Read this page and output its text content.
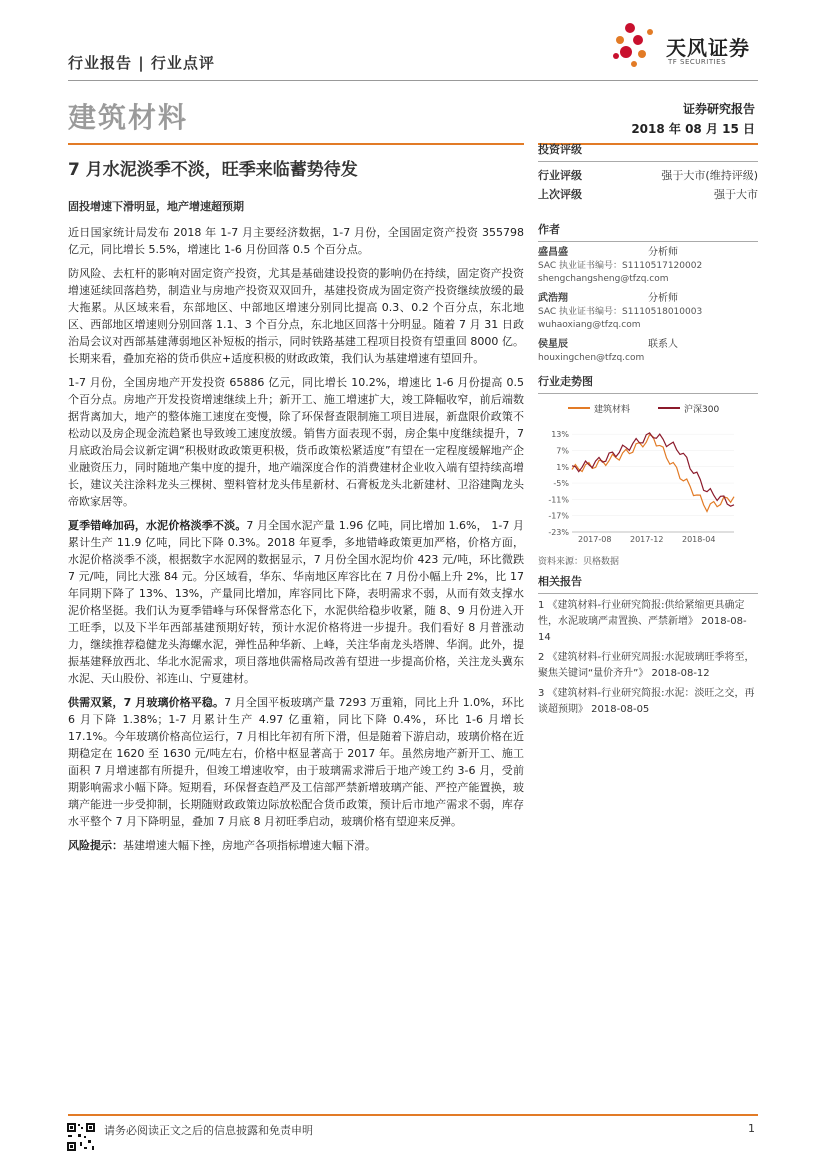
行业报告 | 行业点评
天风证券
TF SECURITIES
建筑材料	证券研究报告
2018 年 08 月 15 日
7 月水泥淡季不淡，旺季来临蓄势待发
固投增速下滑明显，地产增速超预期

近日国家统计局发布 2018 年 1-7 月主要经济数据，1-7 月份，全国固定资产投资 355798 亿元，同比增长 5.5%，增速比 1-6 月份回落 0.5 个百分点。

防风险、去杠杆的影响对固定资产投资，尤其是基础建设投资的影响仍在持续，固定资产投资增速延续回落趋势，制造业与房地产投资双双回升，基建投资成为固定资产投资继续放缓的最大拖累。从区域来看，东部地区、中部地区增速分别同比提高 0.3、0.2 个百分点，东北地区、西部地区增速则分别回落 1.1、3 个百分点，东北地区回落十分明显。随着 7 月 31 日政治局会议对西部基建薄弱地区补短板的指示，同时铁路基建工程项目投资有望重回 8000 亿。长期来看，叠加充裕的货币供应+适度积极的财政政策，我们认为基建增速有望回升。

1-7 月份，全国房地产开发投资 65886 亿元，同比增长 10.2%，增速比 1-6 月份提高 0.5 个百分点。房地产开发投资增速继续上升；新开工、施工增速扩大，竣工降幅收窄，前后端数据背离加大，地产的整体施工速度在变慢，除了环保督查限制施工项目进展，新盘限价政策不松动以及房企现金流趋紧也导致竣工速度放缓。销售方面表现不弱，房企集中度继续提升，7 月底政治局会议新定调“积极财政政策更积极，货币政策松紧适度”有望在一定程度缓解地产企业融资压力，同时随地产集中度的提升，地产端深度合作的消费建材企业收入端有望持续高增长，建议关注涂料龙头三棵树、塑料管材龙头伟星新材、石膏板龙头北新建材、卫浴建陶龙头帝欧家居等。

夏季错峰加码，水泥价格淡季不淡。7 月全国水泥产量 1.96 亿吨，同比增加 1.6%， 1-7 月累计生产 11.9 亿吨，同比下降 0.3%。2018 年夏季，多地错峰政策更加严格，价格方面，水泥价格淡季不淡，根据数字水泥网的数据显示，7 月份全国水泥均价 423 元/吨，环比微跌 7 元/吨，同比大涨 84 元。分区域看，华东、华南地区库容比在 7 月份小幅上升 2%，比 17 年同期下降了 13%、13%，产量同比增加，库容同比下降，表明需求不弱，从而有效支撑水泥价格坚挺。我们认为夏季错峰与环保督常态化下，水泥供给稳步收紧，随 8、9 月份进入开工旺季，以及下半年西部基建预期好转，预计水泥价格将进一步提升。我们看好 8 月普涨动力，继续推荐稳健龙头海螺水泥，弹性品种华新、上峰，关注华南龙头塔牌、华润。此外，提振基建释放西北、华北水泥需求，项目落地供需格局改善有望进一步提高价格，关注龙头冀东水泥、天山股份、祁连山、宁夏建材。

供需双紧，7 月玻璃价格平稳。7 月全国平板玻璃产量 7293 万重箱，同比上升 1.0%，环比 6 月下降 1.38%；1-7 月累计生产 4.97 亿重箱，同比下降 0.4%，环比 1-6 月增长 17.1%。今年玻璃价格高位运行，7 月相比年初有所下滑，但是随着下游启动，玻璃价格在近期稳定在 1620 至 1630 元/吨左右，价格中枢显著高于 2017 年。虽然房地产新开工、施工面积 7 月增速都有所提升，但竣工增速收窄，由于玻璃需求滞后于地产竣工约 3-6 月，受前期影响需求小幅下降。短期看，环保督查趋严及工信部严禁新增玻璃产能、严控产能置换，玻璃产能进一步受抑制，长期随财政政策边际放松配合货币政策，预计后市地产需求不弱，库存水平整个 7 月下降明显，叠加 7 月底 8 月初旺季启动，玻璃价格有望迎来反弹。

风险提示：基建增速大幅下挫，房地产各项指标增速大幅下滑。

投资评级
行业评级	强于大市(维持评级)
上次评级	强于大市
作者
盛昌盛	分析师
SAC 执业证书编号：S1110517120002
shengchangsheng@tfzq.com
武浩翔	分析师
SAC 执业证书编号：S1110518010003
wuhaoxiang@tfzq.com
侯星辰	联系人
houxingchen@tfzq.com
行业走势图
建筑材料	沪深300
13%
7%
1%
-5%
-11%
-17%
-23%
2017-08 2017-12 2018-04
资料来源：贝格数据
相关报告
1 《建筑材料-行业研究简报:供给紧缩更具确定性，水泥玻璃严肃置换、严禁新增》 2018-08-14
2 《建筑材料-行业研究周报:水泥玻璃旺季将至，聚焦关键词“量价齐升”》 2018-08-12
3 《建筑材料-行业研究简报:水泥：淡旺之交，再谈超预期》 2018-08-05
请务必阅读正文之后的信息披露和免责申明	1
